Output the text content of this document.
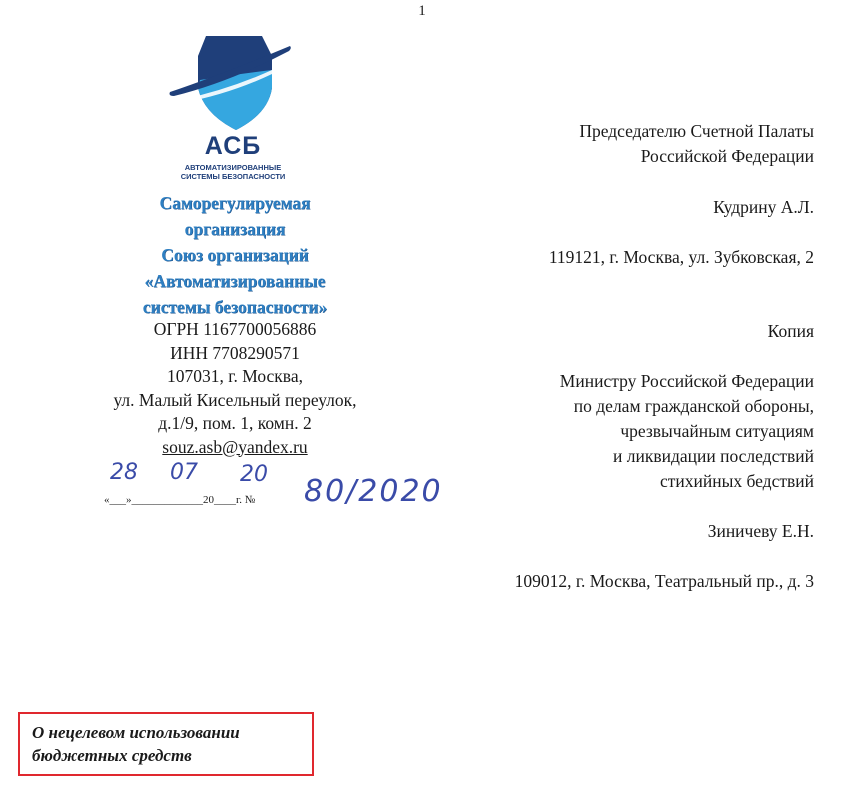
1
АСБ
АВТОМАТИЗИРОВАННЫЕ
СИСТЕМЫ БЕЗОПАСНОСТИ
Саморегулируемая
организация
Союз организаций
«Автоматизированные
системы безопасности»
ОГРН 1167700056886
ИНН 7708290571
107031, г. Москва,
ул. Малый Кисельный переулок,
д.1/9, пом. 1, комн. 2
souz.asb@yandex.ru
«___»_____________20____г. №
28 07 20 80/2020
Председателю Счетной Палаты
Российской Федерации
Кудрину А.Л.
119121, г. Москва, ул. Зубковская, 2
Копия
Министру Российской Федерации
по делам гражданской обороны,
чрезвычайным ситуациям
и ликвидации последствий
стихийных бедствий
Зиничеву Е.Н.
109012, г. Москва, Театральный пр., д. 3
О нецелевом использовании
бюджетных средств
